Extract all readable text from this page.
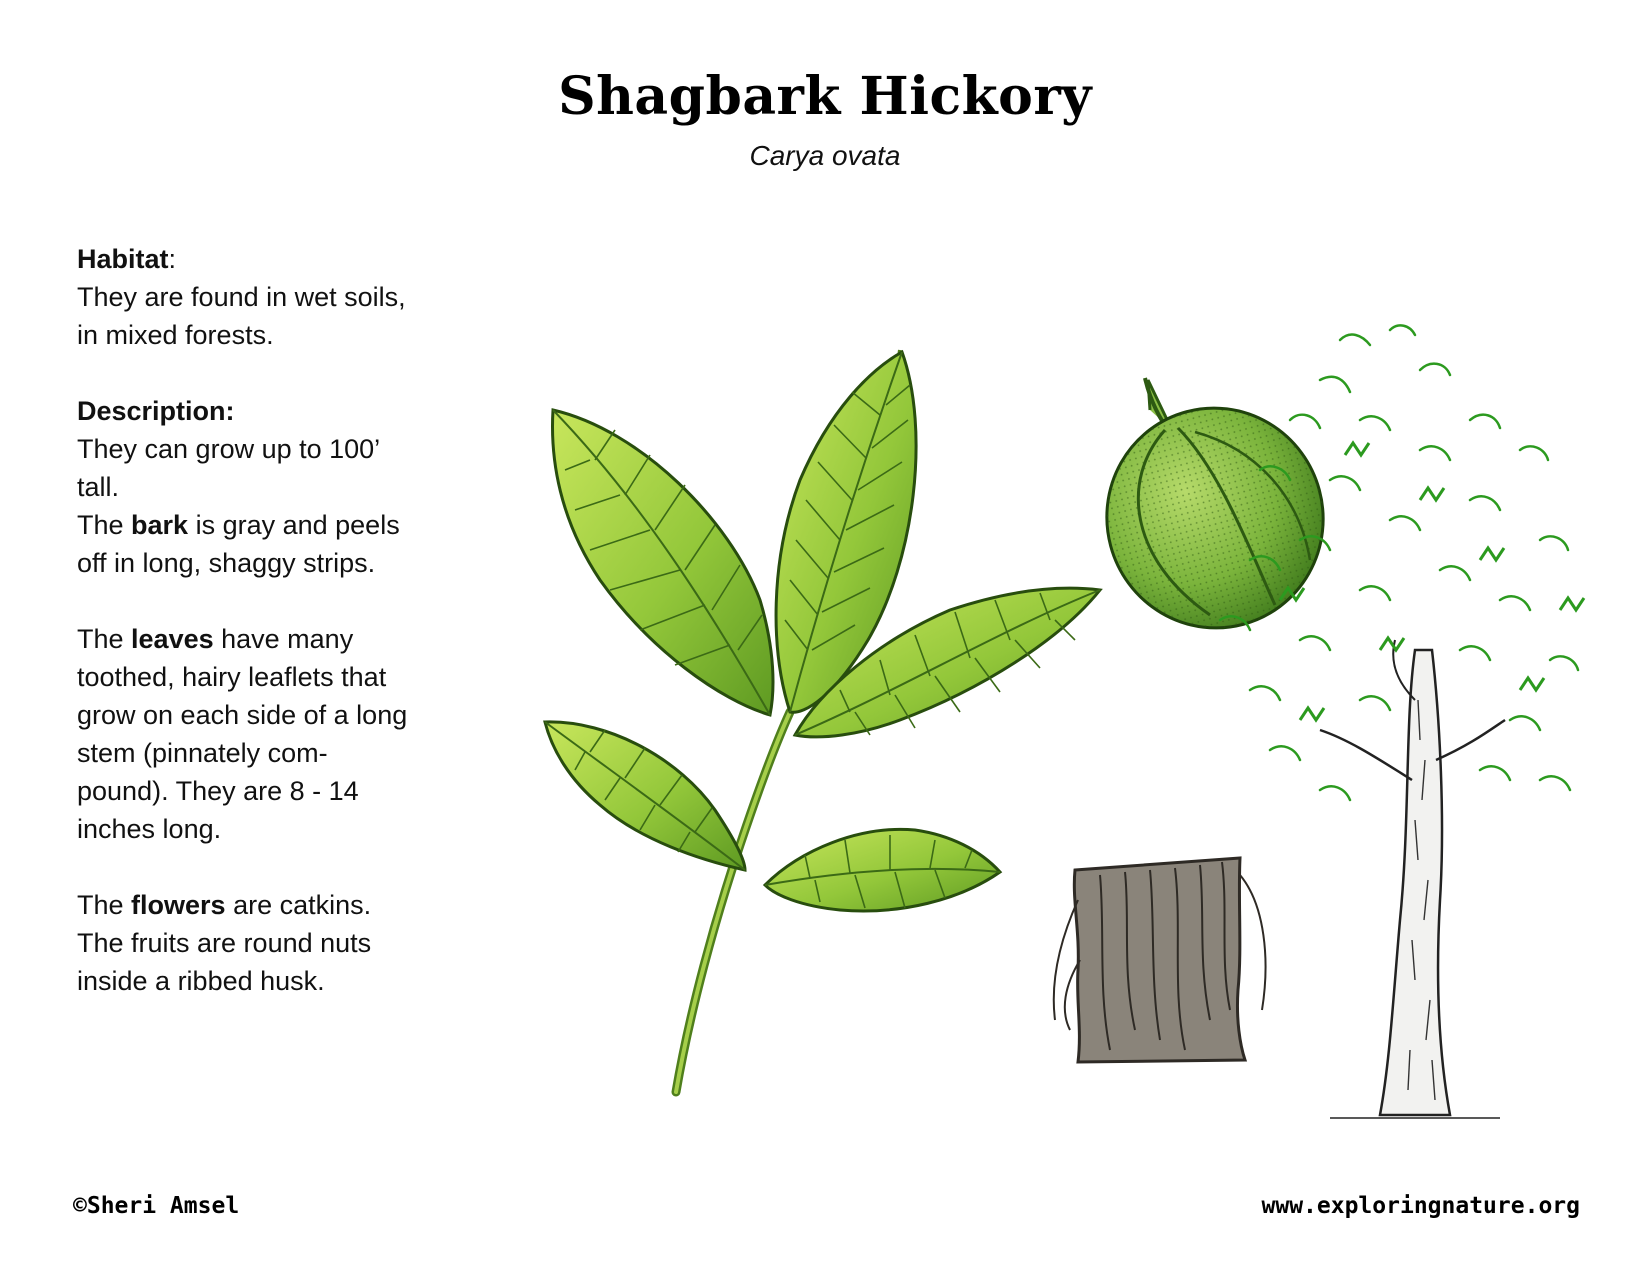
Shagbark Hickory
Carya ovata

Habitat:

They are found in wet soils,

in mixed forests.

Description:

They can grow up to 100’

tall.

The bark is gray and peels

off in long, shaggy strips.

The leaves have many

toothed, hairy leaflets that

grow on each side of a long

stem (pinnately com-

pound). They are 8 - 14

inches long.

The flowers are catkins.

The fruits are round nuts

inside a ribbed husk.

©Sheri Amsel	www.exploringnature.org
